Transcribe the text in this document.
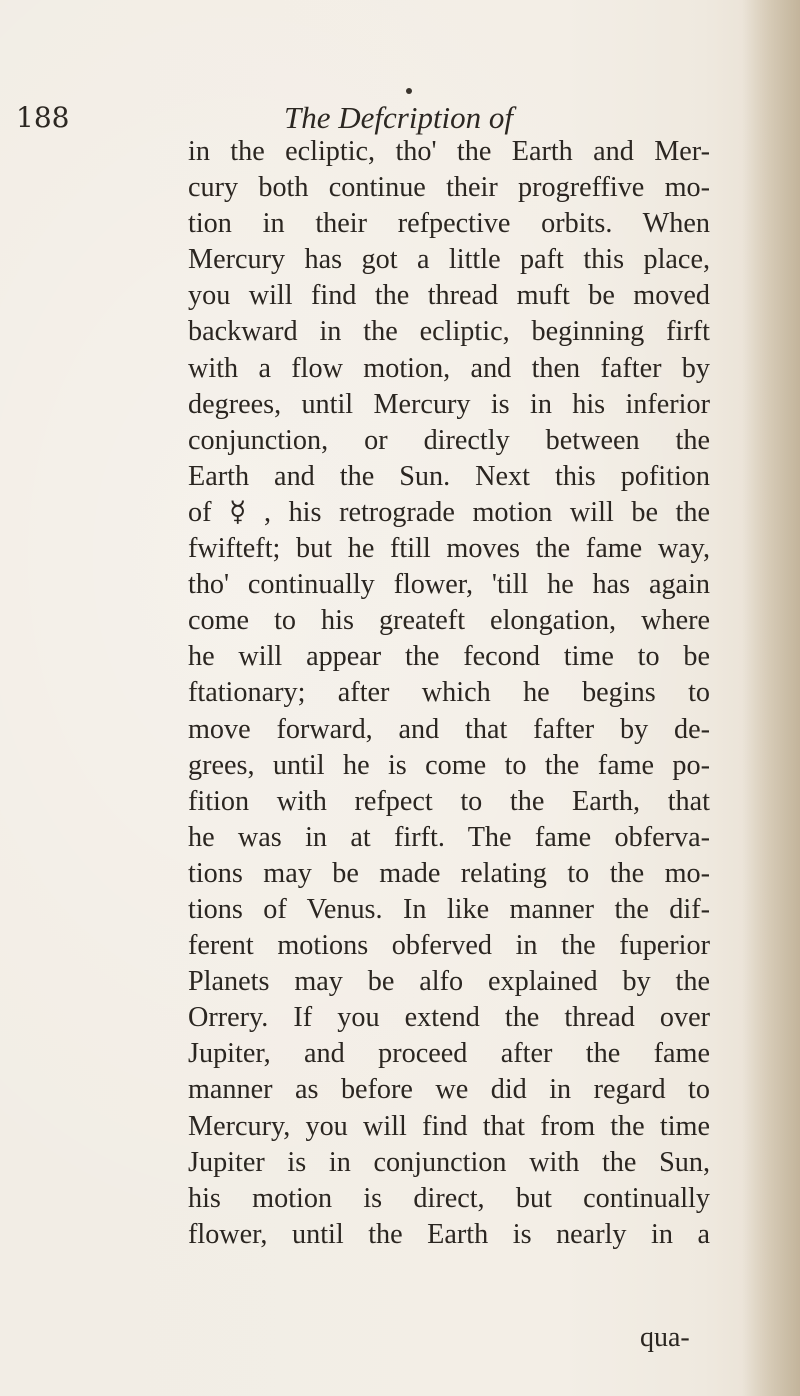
188	The Defcription of
in the ecliptic, tho' the Earth and Mer-
cury both continue their progreffive mo-
tion in their refpective orbits. When
Mercury has got a little paft this place,
you will find the thread muft be moved
backward in the ecliptic, beginning firft
with a flow motion, and then fafter by
degrees, until Mercury is in his inferior
conjunction, or directly between the
Earth and the Sun. Next this pofition
of ☿ , his retrograde motion will be the
fwifteft; but he ftill moves the fame way,
tho' continually flower, 'till he has again
come to his greateft elongation, where
he will appear the fecond time to be
ftationary; after which he begins to
move forward, and that fafter by de-
grees, until he is come to the fame po-
fition with refpect to the Earth, that
he was in at firft. The fame obferva-
tions may be made relating to the mo-
tions of Venus. In like manner the dif-
ferent motions obferved in the fuperior
Planets may be alfo explained by the
Orrery. If you extend the thread over
Jupiter, and proceed after the fame
manner as before we did in regard to
Mercury, you will find that from the time
Jupiter is in conjunction with the Sun,
his motion is direct, but continually
flower, until the Earth is nearly in a
qua-
